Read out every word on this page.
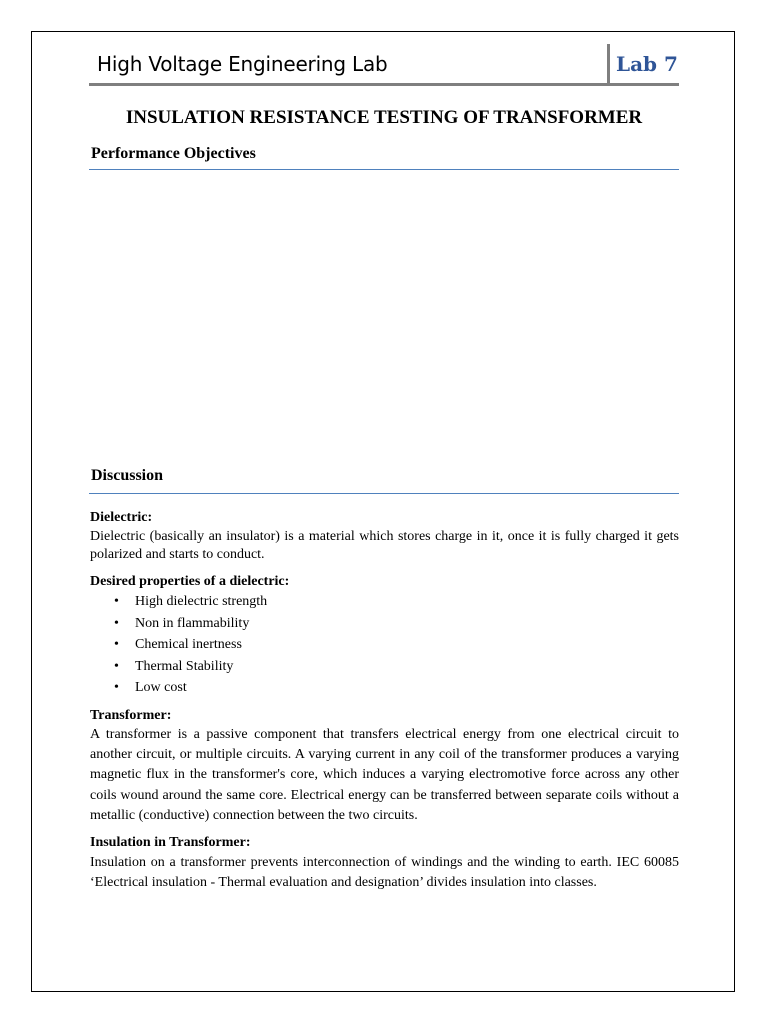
High Voltage Engineering Lab	Lab 7
INSULATION RESISTANCE TESTING OF TRANSFORMER
Performance Objectives
Discussion

Dielectric:

Dielectric (basically an insulator) is a material which stores charge in it, once it is fully charged it gets polarized and starts to conduct.

Desired properties of a dielectric:

• High dielectric strength
• Non in flammability
• Chemical inertness
• Thermal Stability
• Low cost

Transformer:

A transformer is a passive component that transfers electrical energy from one electrical circuit to another circuit, or multiple circuits. A varying current in any coil of the transformer produces a varying magnetic flux in the transformer's core, which induces a varying electromotive force across any other coils wound around the same core. Electrical energy can be transferred between separate coils without a metallic (conductive) connection between the two circuits.

Insulation in Transformer:

Insulation on a transformer prevents interconnection of windings and the winding to earth. IEC 60085 ‘Electrical insulation - Thermal evaluation and designation’ divides insulation into classes.
